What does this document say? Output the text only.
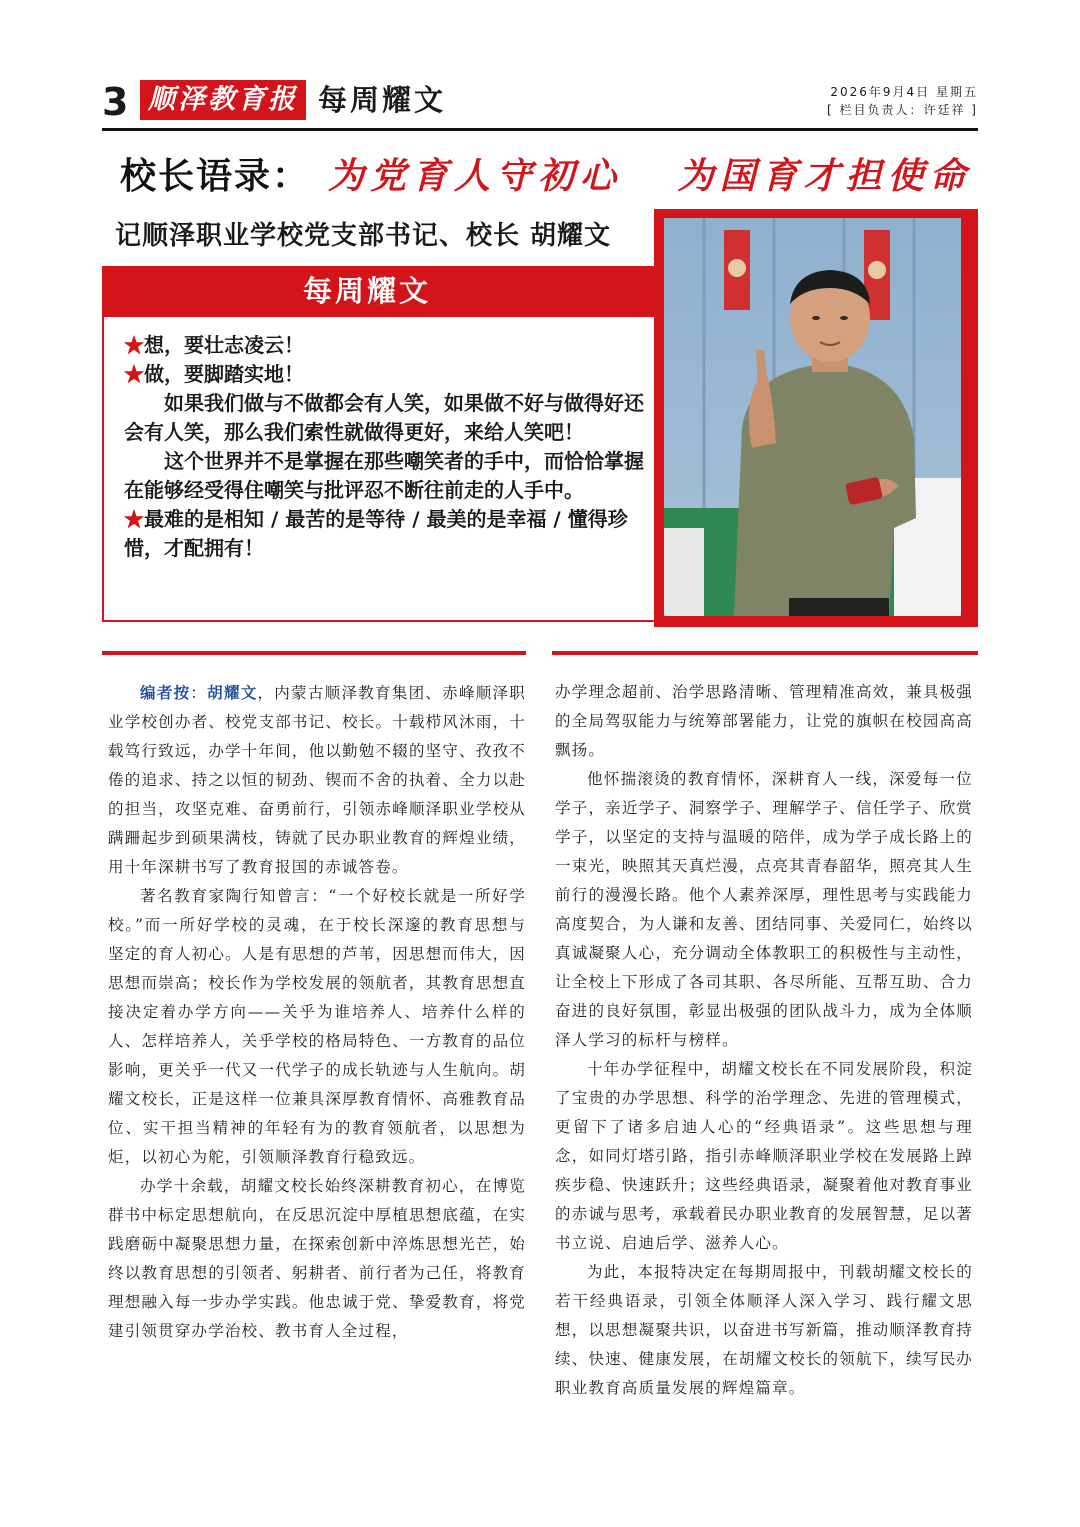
3 顺泽教育报 每周耀文	2026年9月4日 星期五
[ 栏目负责人：许廷祥 ]
校长语录： 为党育人守初心   为国育才担使命
记顺泽职业学校党支部书记、校长 胡耀文
每周耀文

★想，要壮志凌云！

★做，要脚踏实地！

如果我们做与不做都会有人笑，如果做不好与做得好还会有人笑，那么我们索性就做得更好，来给人笑吧！

这个世界并不是掌握在那些嘲笑者的手中，而恰恰掌握在能够经受得住嘲笑与批评忍不断往前走的人手中。

★最难的是相知 / 最苦的是等待 / 最美的是幸福 / 懂得珍惜，才配拥有！

编者按：胡耀文，内蒙古顺泽教育集团、赤峰顺泽职业学校创办者、校党支部书记、校长。十载栉风沐雨，十载笃行致远，办学十年间，他以勤勉不辍的坚守、孜孜不倦的追求、持之以恒的韧劲、锲而不舍的执着、全力以赴的担当，攻坚克难、奋勇前行，引领赤峰顺泽职业学校从蹒跚起步到硕果满枝，铸就了民办职业教育的辉煌业绩，用十年深耕书写了教育报国的赤诚答卷。

著名教育家陶行知曾言：“一个好校长就是一所好学校。”而一所好学校的灵魂，在于校长深邃的教育思想与坚定的育人初心。人是有思想的芦苇，因思想而伟大，因思想而崇高；校长作为学校发展的领航者，其教育思想直接决定着办学方向——关乎为谁培养人、培养什么样的人、怎样培养人，关乎学校的格局特色、一方教育的品位影响，更关乎一代又一代学子的成长轨迹与人生航向。胡耀文校长，正是这样一位兼具深厚教育情怀、高雅教育品位、实干担当精神的年轻有为的教育领航者，以思想为炬，以初心为舵，引领顺泽教育行稳致远。

办学十余载，胡耀文校长始终深耕教育初心，在博览群书中标定思想航向，在反思沉淀中厚植思想底蕴，在实践磨砺中凝聚思想力量，在探索创新中淬炼思想光芒，始终以教育思想的引领者、躬耕者、前行者为己任，将教育理想融入每一步办学实践。他忠诚于党、挚爱教育，将党建引领贯穿办学治校、教书育人全过程，

办学理念超前、治学思路清晰、管理精准高效，兼具极强的全局驾驭能力与统筹部署能力，让党的旗帜在校园高高飘扬。

他怀揣滚烫的教育情怀，深耕育人一线，深爱每一位学子，亲近学子、洞察学子、理解学子、信任学子、欣赏学子，以坚定的支持与温暖的陪伴，成为学子成长路上的一束光，映照其天真烂漫，点亮其青春韶华，照亮其人生前行的漫漫长路。他个人素养深厚，理性思考与实践能力高度契合，为人谦和友善、团结同事、关爱同仁，始终以真诚凝聚人心，充分调动全体教职工的积极性与主动性，让全校上下形成了各司其职、各尽所能、互帮互助、合力奋进的良好氛围，彰显出极强的团队战斗力，成为全体顺泽人学习的标杆与榜样。

十年办学征程中，胡耀文校长在不同发展阶段，积淀了宝贵的办学思想、科学的治学理念、先进的管理模式，更留下了诸多启迪人心的“经典语录”。这些思想与理念，如同灯塔引路，指引赤峰顺泽职业学校在发展路上踔疾步稳、快速跃升；这些经典语录，凝聚着他对教育事业的赤诚与思考，承载着民办职业教育的发展智慧，足以著书立说、启迪后学、滋养人心。

为此，本报特决定在每期周报中，刊载胡耀文校长的若干经典语录，引领全体顺泽人深入学习、践行耀文思想，以思想凝聚共识，以奋进书写新篇，推动顺泽教育持续、快速、健康发展，在胡耀文校长的领航下，续写民办职业教育高质量发展的辉煌篇章。
